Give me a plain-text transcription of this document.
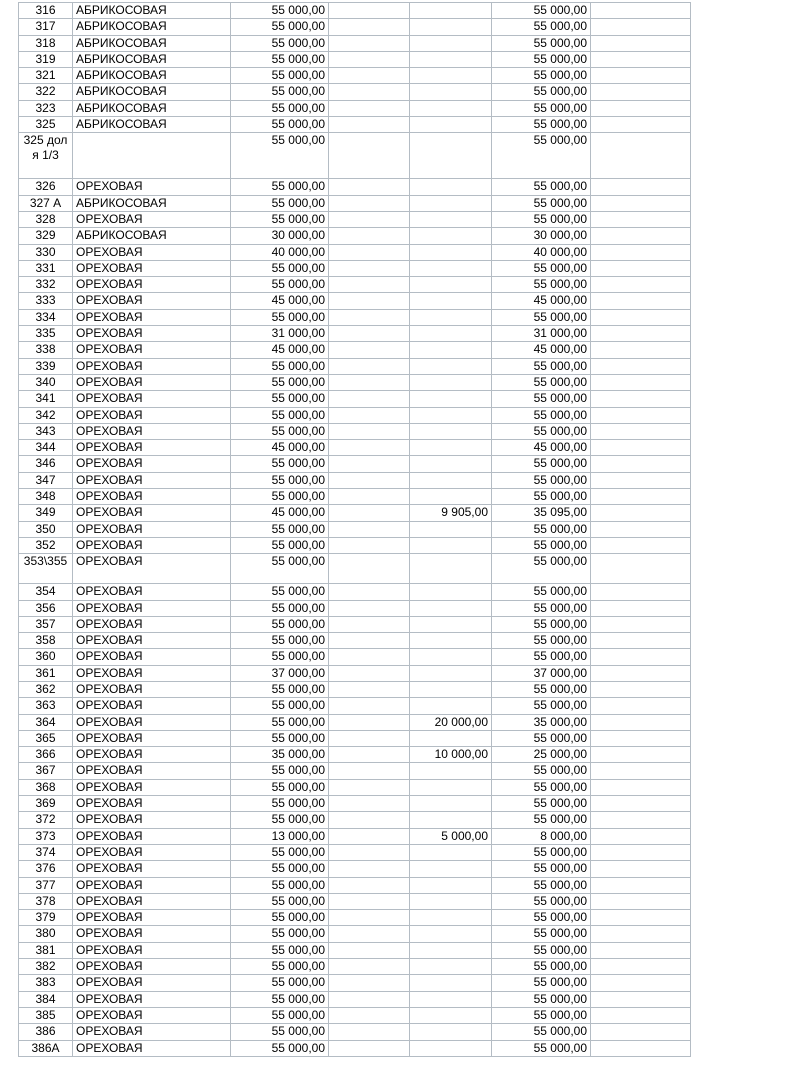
316	АБРИКОСОВАЯ	55 000,00			55 000,00	
317	АБРИКОСОВАЯ	55 000,00			55 000,00	
318	АБРИКОСОВАЯ	55 000,00			55 000,00	
319	АБРИКОСОВАЯ	55 000,00			55 000,00	
321	АБРИКОСОВАЯ	55 000,00			55 000,00	
322	АБРИКОСОВАЯ	55 000,00			55 000,00	
323	АБРИКОСОВАЯ	55 000,00			55 000,00	
325	АБРИКОСОВАЯ	55 000,00			55 000,00	
325 доля 1/3		55 000,00			55 000,00	
326	ОРЕХОВАЯ	55 000,00			55 000,00	
327 А	АБРИКОСОВАЯ	55 000,00			55 000,00	
328	ОРЕХОВАЯ	55 000,00			55 000,00	
329	АБРИКОСОВАЯ	30 000,00			30 000,00	
330	ОРЕХОВАЯ	40 000,00			40 000,00	
331	ОРЕХОВАЯ	55 000,00			55 000,00	
332	ОРЕХОВАЯ	55 000,00			55 000,00	
333	ОРЕХОВАЯ	45 000,00			45 000,00	
334	ОРЕХОВАЯ	55 000,00			55 000,00	
335	ОРЕХОВАЯ	31 000,00			31 000,00	
338	ОРЕХОВАЯ	45 000,00			45 000,00	
339	ОРЕХОВАЯ	55 000,00			55 000,00	
340	ОРЕХОВАЯ	55 000,00			55 000,00	
341	ОРЕХОВАЯ	55 000,00			55 000,00	
342	ОРЕХОВАЯ	55 000,00			55 000,00	
343	ОРЕХОВАЯ	55 000,00			55 000,00	
344	ОРЕХОВАЯ	45 000,00			45 000,00	
346	ОРЕХОВАЯ	55 000,00			55 000,00	
347	ОРЕХОВАЯ	55 000,00			55 000,00	
348	ОРЕХОВАЯ	55 000,00			55 000,00	
349	ОРЕХОВАЯ	45 000,00		9 905,00	35 095,00	
350	ОРЕХОВАЯ	55 000,00			55 000,00	
352	ОРЕХОВАЯ	55 000,00			55 000,00	
353\355	ОРЕХОВАЯ	55 000,00			55 000,00	
354	ОРЕХОВАЯ	55 000,00			55 000,00	
356	ОРЕХОВАЯ	55 000,00			55 000,00	
357	ОРЕХОВАЯ	55 000,00			55 000,00	
358	ОРЕХОВАЯ	55 000,00			55 000,00	
360	ОРЕХОВАЯ	55 000,00			55 000,00	
361	ОРЕХОВАЯ	37 000,00			37 000,00	
362	ОРЕХОВАЯ	55 000,00			55 000,00	
363	ОРЕХОВАЯ	55 000,00			55 000,00	
364	ОРЕХОВАЯ	55 000,00		20 000,00	35 000,00	
365	ОРЕХОВАЯ	55 000,00			55 000,00	
366	ОРЕХОВАЯ	35 000,00		10 000,00	25 000,00	
367	ОРЕХОВАЯ	55 000,00			55 000,00	
368	ОРЕХОВАЯ	55 000,00			55 000,00	
369	ОРЕХОВАЯ	55 000,00			55 000,00	
372	ОРЕХОВАЯ	55 000,00			55 000,00	
373	ОРЕХОВАЯ	13 000,00		5 000,00	8 000,00	
374	ОРЕХОВАЯ	55 000,00			55 000,00	
376	ОРЕХОВАЯ	55 000,00			55 000,00	
377	ОРЕХОВАЯ	55 000,00			55 000,00	
378	ОРЕХОВАЯ	55 000,00			55 000,00	
379	ОРЕХОВАЯ	55 000,00			55 000,00	
380	ОРЕХОВАЯ	55 000,00			55 000,00	
381	ОРЕХОВАЯ	55 000,00			55 000,00	
382	ОРЕХОВАЯ	55 000,00			55 000,00	
383	ОРЕХОВАЯ	55 000,00			55 000,00	
384	ОРЕХОВАЯ	55 000,00			55 000,00	
385	ОРЕХОВАЯ	55 000,00			55 000,00	
386	ОРЕХОВАЯ	55 000,00			55 000,00	
386А	ОРЕХОВАЯ	55 000,00			55 000,00	
